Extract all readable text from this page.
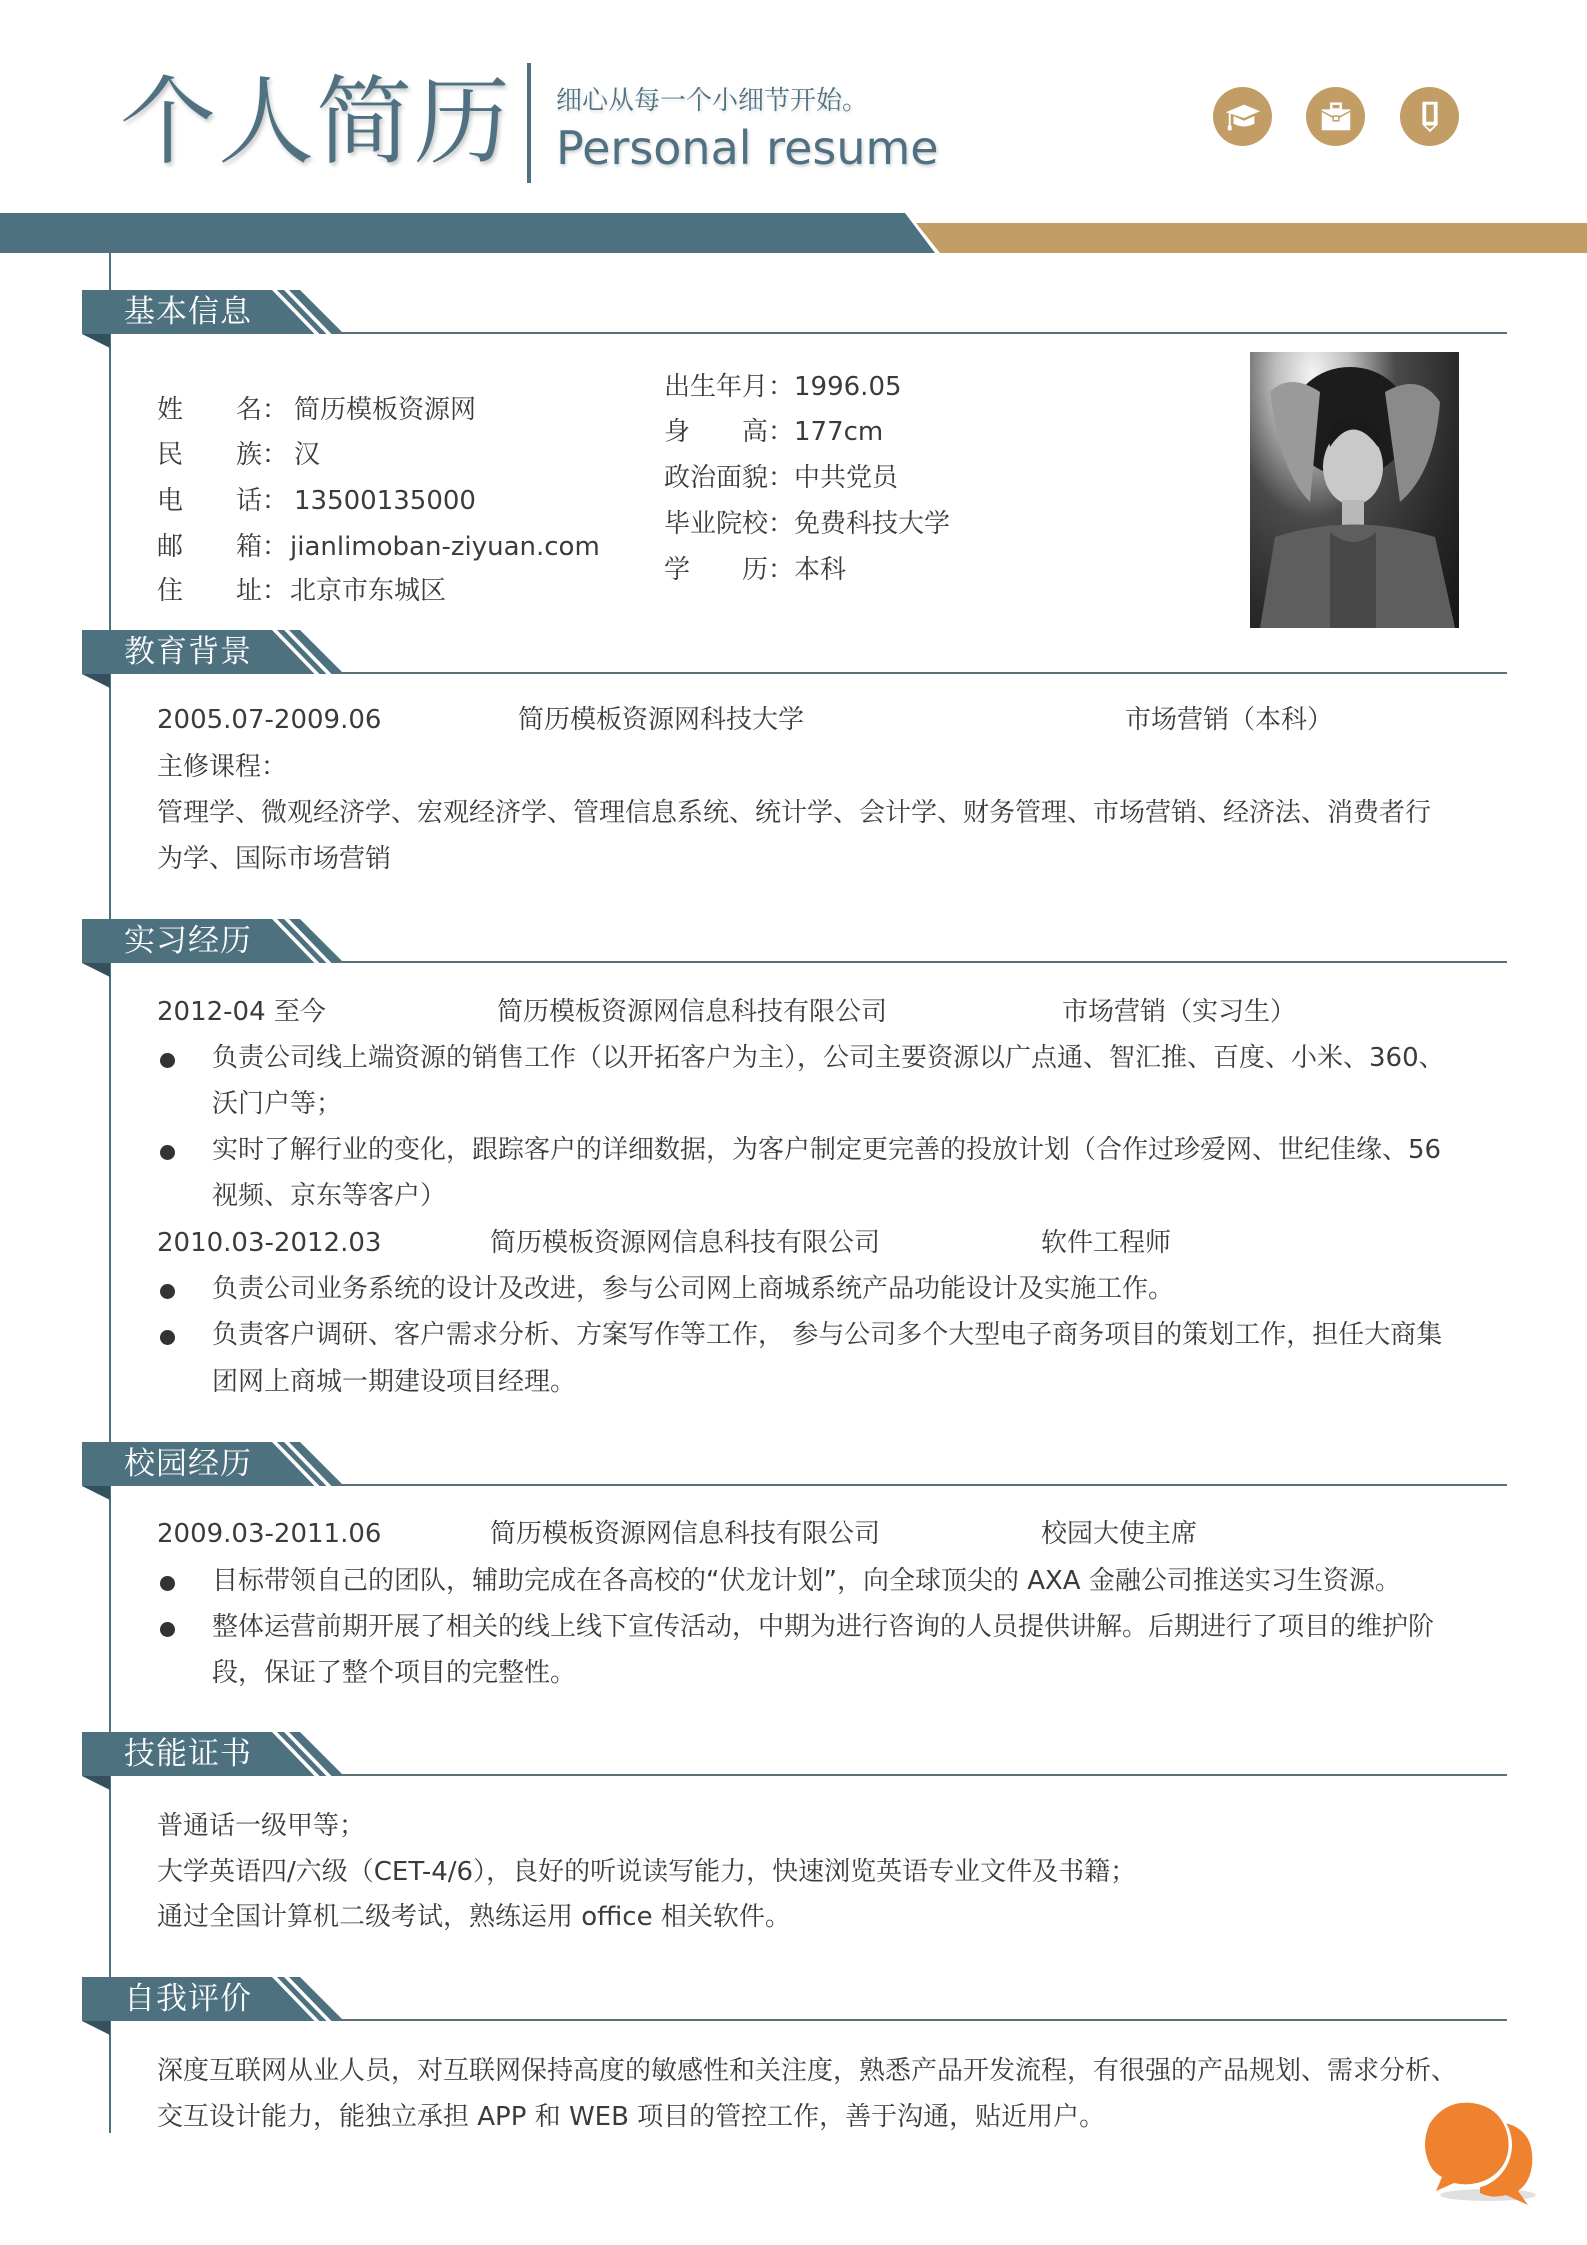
个人简历 细心从每一个小细节开始。
Personal resume
基本信息
姓 名： 简历模板资源网
民 族： 汉
电 话： 13500135000
邮 箱： jianlimoban-ziyuan.com
住 址： 北京市东城区
出生年月：1996.05
身　　高：177cm
政治面貌：中共党员
毕业院校：免费科技大学
学　　历：本科
教育背景
2005.07-2009.06	简历模板资源网科技大学	市场营销（本科）
主修课程：
管理学、微观经济学、宏观经济学、管理信息系统、统计学、会计学、财务管理、市场营销、经济法、消费者行
为学、国际市场营销
实习经历
2012-04 至今	简历模板资源网信息科技有限公司	市场营销（实习生）
负责公司线上端资源的销售工作（以开拓客户为主），公司主要资源以广点通、智汇推、百度、小米、360、
沃门户等；
实时了解行业的变化，跟踪客户的详细数据，为客户制定更完善的投放计划（合作过珍爱网、世纪佳缘、56
视频、京东等客户）
2010.03-2012.03	简历模板资源网信息科技有限公司	软件工程师
负责公司业务系统的设计及改进，参与公司网上商城系统产品功能设计及实施工作。
负责客户调研、客户需求分析、方案写作等工作， 参与公司多个大型电子商务项目的策划工作，担任大商集
团网上商城一期建设项目经理。
校园经历
2009.03-2011.06	简历模板资源网信息科技有限公司	校园大使主席
目标带领自己的团队，辅助完成在各高校的“伏龙计划”，向全球顶尖的 AXA 金融公司推送实习生资源。
整体运营前期开展了相关的线上线下宣传活动，中期为进行咨询的人员提供讲解。后期进行了项目的维护阶
段，保证了整个项目的完整性。
技能证书
普通话一级甲等；
大学英语四/六级（CET-4/6），良好的听说读写能力，快速浏览英语专业文件及书籍；
通过全国计算机二级考试，熟练运用 office 相关软件。
自我评价
深度互联网从业人员，对互联网保持高度的敏感性和关注度，熟悉产品开发流程，有很强的产品规划、需求分析、
交互设计能力，能独立承担 APP 和 WEB 项目的管控工作，善于沟通，贴近用户。
